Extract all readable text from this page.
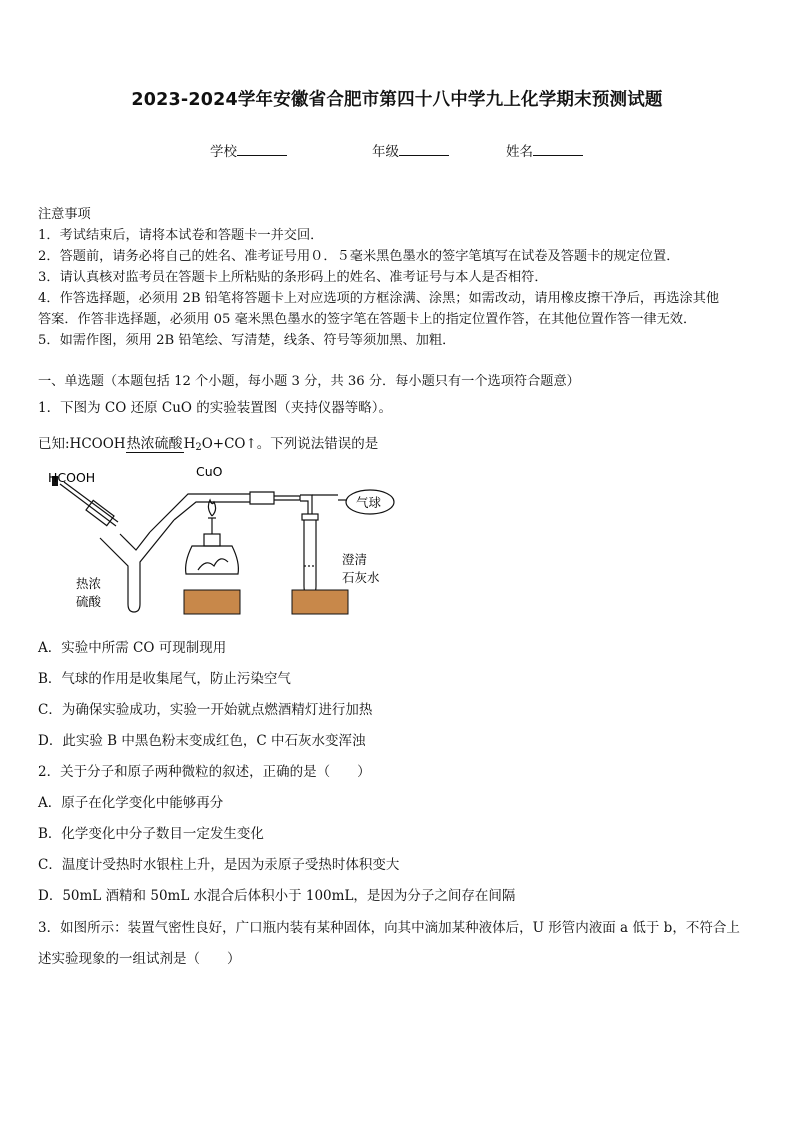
2023-2024学年安徽省合肥市第四十八中学九上化学期末预测试题
学校	年级	姓名
注意事项
1．考试结束后，请将本试卷和答题卡一并交回．
2．答题前，请务必将自己的姓名、准考证号用０．５毫米黑色墨水的签字笔填写在试卷及答题卡的规定位置．
3．请认真核对监考员在答题卡上所粘贴的条形码上的姓名、准考证号与本人是否相符．
4．作答选择题，必须用 2B 铅笔将答题卡上对应选项的方框涂满、涂黑；如需改动，请用橡皮擦干净后，再选涂其他
答案．作答非选择题，必须用 05 毫米黑色墨水的签字笔在答题卡上的指定位置作答，在其他位置作答一律无效．
5．如需作图，须用 2B 铅笔绘、写清楚，线条、符号等须加黑、加粗．
一、单选题（本题包括 12 个小题，每小题 3 分，共 36 分．每小题只有一个选项符合题意）
1．下图为 CO 还原 CuO 的实验装置图（夹持仪器等略）。
已知:HCOOH热浓硫酸$H_2O+CO↑$。下列说法错误的是
HCOOH	CuO
气球
热浓
硫酸
澄清
石灰水
A．实验中所需 CO 可现制现用
B．气球的作用是收集尾气，防止污染空气
C．为确保实验成功，实验一开始就点燃酒精灯进行加热
D．此实验 B 中黑色粉末变成红色，C 中石灰水变浑浊
2．关于分子和原子两种微粒的叙述，正确的是（　　）
A．原子在化学变化中能够再分
B．化学变化中分子数目一定发生变化
C．温度计受热时水银柱上升，是因为汞原子受热时体积变大
D．50mL 酒精和 50mL 水混合后体积小于 100mL，是因为分子之间存在间隔
3．如图所示：装置气密性良好，广口瓶内装有某种固体，向其中滴加某种液体后，U 形管内液面 a 低于 b，不符合上
述实验现象的一组试剂是（　　）
